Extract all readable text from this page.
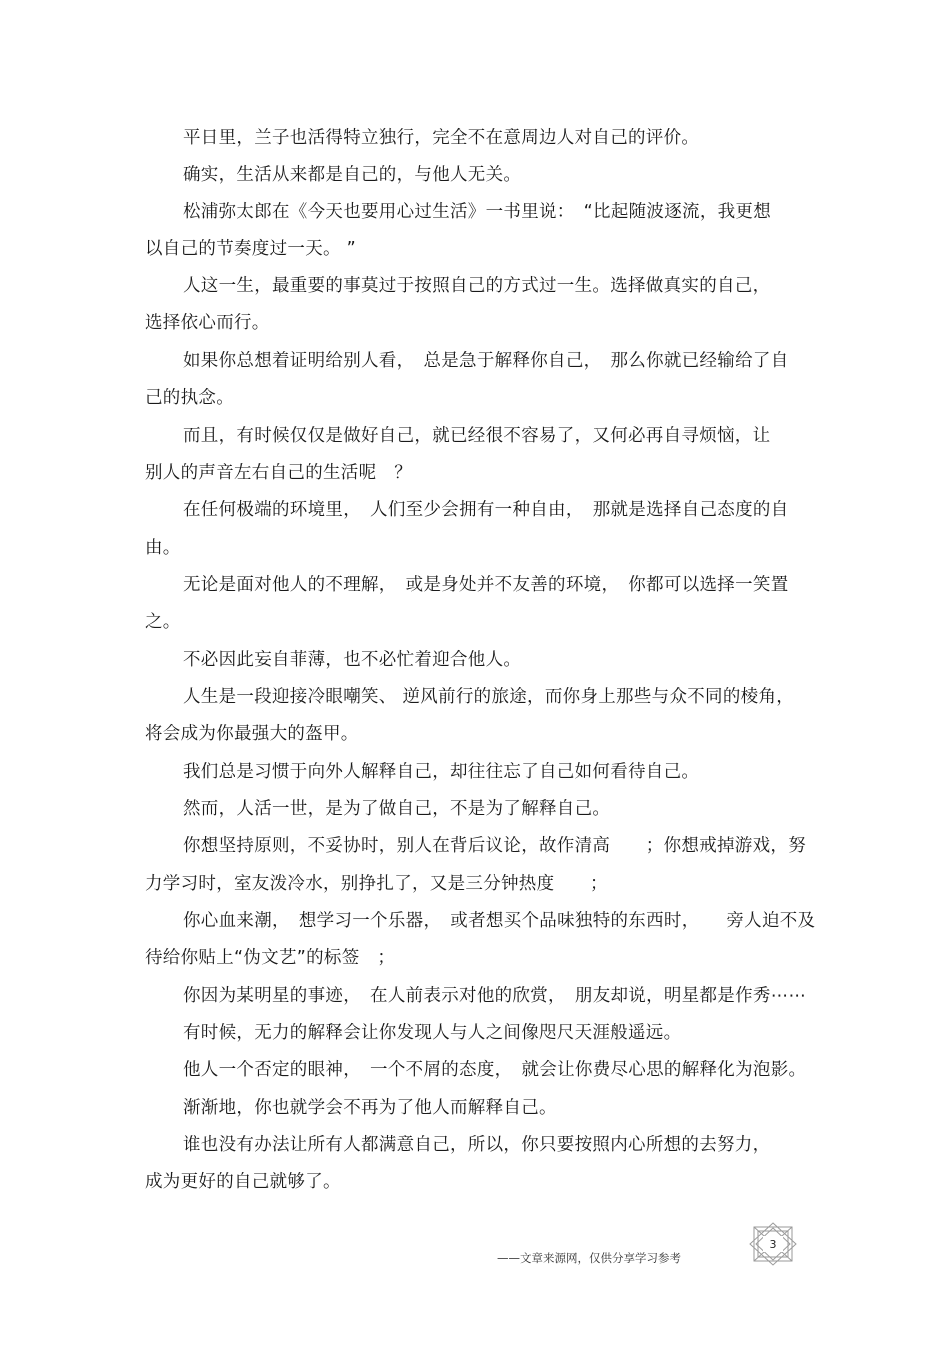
平日里，兰子也活得特立独行，完全不在意周边人对自己的评价。
确实，生活从来都是自己的，与他人无关。
松浦弥太郎在《今天也要用心过生活》一书里说：　“比起随波逐流，我更想
以自己的节奏度过一天。 ”
人这一生，最重要的事莫过于按照自己的方式过一生。选择做真实的自己，
选择依心而行。
如果你总想着证明给别人看，　总是急于解释你自己，　那么你就已经输给了自
己的执念。
而且，有时候仅仅是做好自己，就已经很不容易了，又何必再自寻烦恼，让
别人的声音左右自己的生活呢　？
在任何极端的环境里，　人们至少会拥有一种自由，　那就是选择自己态度的自
由。
无论是面对他人的不理解，　或是身处并不友善的环境，　你都可以选择一笑置
之。
不必因此妄自菲薄，也不必忙着迎合他人。
人生是一段迎接冷眼嘲笑、 逆风前行的旅途，而你身上那些与众不同的棱角，
将会成为你最强大的盔甲。
我们总是习惯于向外人解释自己，却往往忘了自己如何看待自己。
然而，人活一世，是为了做自己，不是为了解释自己。
你想坚持原则，不妥协时，别人在背后议论，故作清高　　；你想戒掉游戏，努
力学习时，室友泼冷水，别挣扎了，又是三分钟热度　　；
你心血来潮，　想学习一个乐器，　或者想买个品味独特的东西时，　　旁人迫不及
待给你贴上“伪文艺”的标签　；
你因为某明星的事迹，　在人前表示对他的欣赏，　朋友却说，明星都是作秀⋯⋯
有时候，无力的解释会让你发现人与人之间像咫尺天涯般遥远。
他人一个否定的眼神，　一个不屑的态度，　就会让你费尽心思的解释化为泡影。
渐渐地，你也就学会不再为了他人而解释自己。
谁也没有办法让所有人都满意自己，所以，你只要按照内心所想的去努力，
成为更好的自己就够了。
——文章来源网，仅供分享学习参考
3
